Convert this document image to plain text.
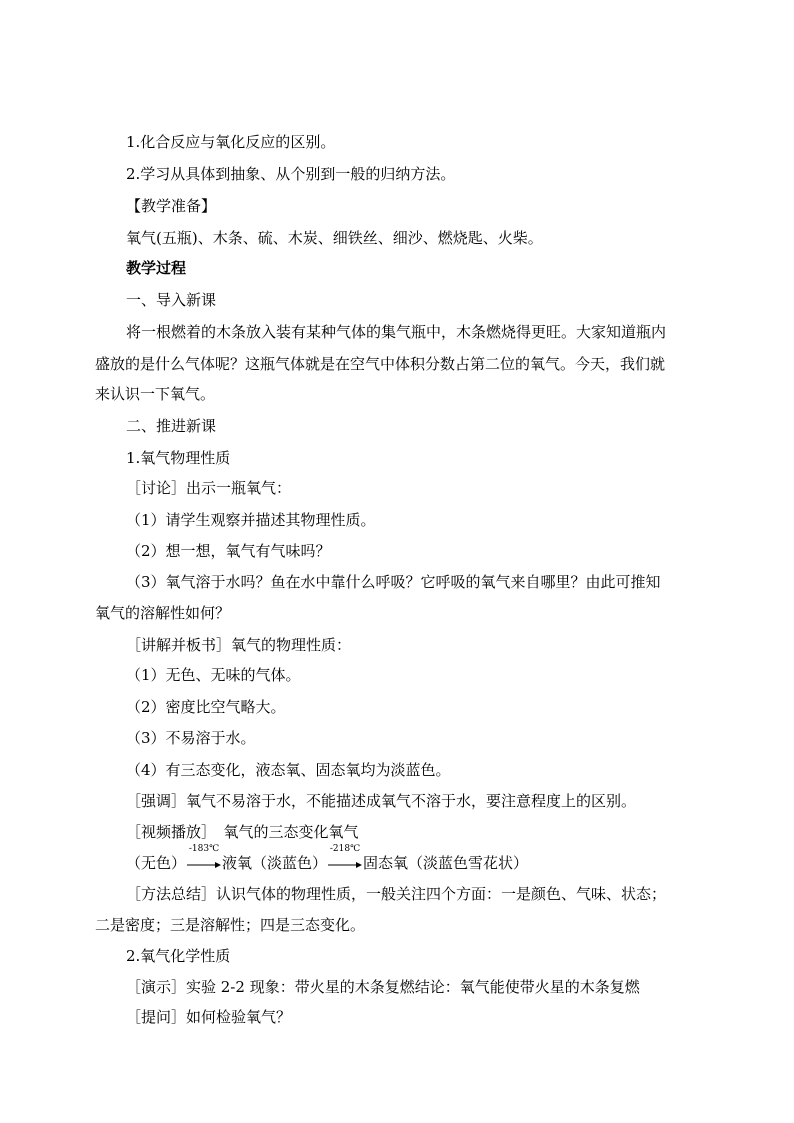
1.化合反应与氧化反应的区别。
2.学习从具体到抽象、从个别到一般的归纳方法。
【教学准备】
氧气(五瓶)、木条、硫、木炭、细铁丝、细沙、燃烧匙、火柴。
教学过程
一、导入新课
将一根燃着的木条放入装有某种气体的集气瓶中，木条燃烧得更旺。大家知道瓶内
盛放的是什么气体呢？这瓶气体就是在空气中体积分数占第二位的氧气。今天，我们就
来认识一下氧气。
二、推进新课
1.氧气物理性质
［讨论］出示一瓶氧气：
（1）请学生观察并描述其物理性质。
（2）想一想，氧气有气味吗？
（3）氧气溶于水吗？鱼在水中靠什么呼吸？它呼吸的氧气来自哪里？由此可推知
氧气的溶解性如何？
［讲解并板书］氧气的物理性质：
（1）无色、无味的气体。
（2）密度比空气略大。
（3）不易溶于水。
（4）有三态变化，液态氧、固态氧均为淡蓝色。
［强调］氧气不易溶于水，不能描述成氧气不溶于水，要注意程度上的区别。
［视频播放］　氧气的三态变化氧气
（无色）
-183℃
液氧（淡蓝色）
-218℃
固态氧（淡蓝色雪花状）
［方法总结］认识气体的物理性质，一般关注四个方面：一是颜色、气味、状态；
二是密度；三是溶解性；四是三态变化。
2.氧气化学性质
［演示］实验 2-2 现象：带火星的木条复燃结论：氧气能使带火星的木条复燃
［提问］如何检验氧气？
